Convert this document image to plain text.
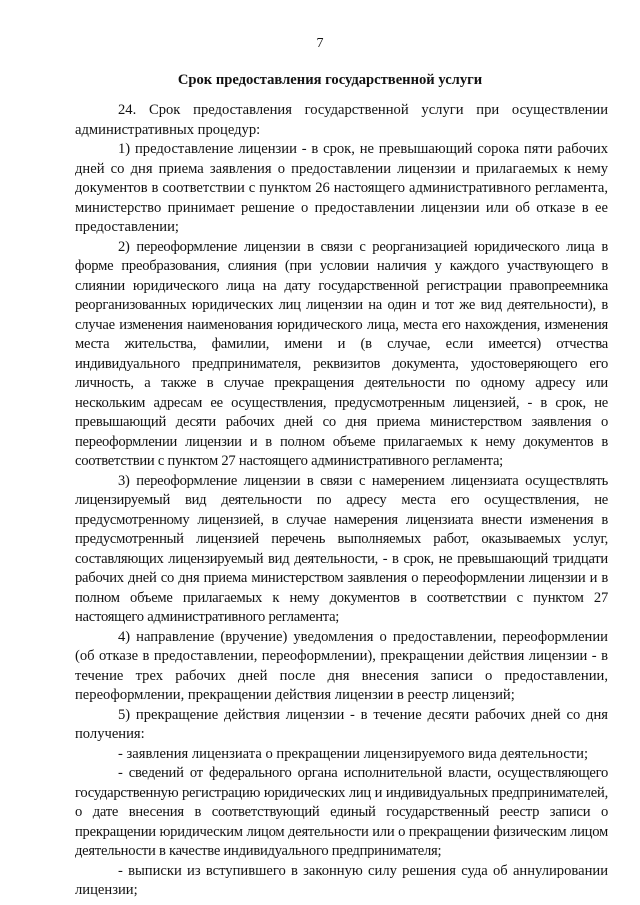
7
Срок предоставления государственной услуги

24. Срок предоставления государственной услуги при осуществлении административных процедур:

1) предоставление лицензии - в срок, не превышающий сорока пяти рабочих дней со дня приема заявления о предоставлении лицензии и прилагаемых к нему документов в соответствии с пунктом 26 настоящего административного регламента, министерство принимает решение о предоставлении лицензии или об отказе в ее предоставлении;

2) переоформление лицензии в связи с реорганизацией юридического лица в форме преобразования, слияния (при условии наличия у каждого участвующего в слиянии юридического лица на дату государственной регистрации правопреемника реорганизованных юридических лиц лицензии на один и тот же вид деятельности), в случае изменения наименования юридического лица, места его нахождения, изменения места жительства, фамилии, имени и (в случае, если имеется) отчества индивидуального предпринимателя, реквизитов документа, удостоверяющего его личность, а также в случае прекращения деятельности по одному адресу или нескольким адресам ее осуществления, предусмотренным лицензией, - в срок, не превышающий десяти рабочих дней со дня приема министерством заявления о переоформлении лицензии и в полном объеме прилагаемых к нему документов в соответствии с пунктом 27 настоящего административного регламента;

3) переоформление лицензии в связи с намерением лицензиата осуществлять лицензируемый вид деятельности по адресу места его осуществления, не предусмотренному лицензией, в случае намерения лицензиата внести изменения в предусмотренный лицензией перечень выполняемых работ, оказываемых услуг, составляющих лицензируемый вид деятельности, - в срок, не превышающий тридцати рабочих дней со дня приема министерством заявления о переоформлении лицензии и в полном объеме прилагаемых к нему документов в соответствии с пунктом 27 настоящего административного регламента;

4) направление (вручение) уведомления о предоставлении, переоформлении (об отказе в предоставлении, переоформлении), прекращении действия лицензии - в течение трех рабочих дней после дня внесения записи о предоставлении, переоформлении, прекращении действия лицензии в реестр лицензий;

5) прекращение действия лицензии - в течение десяти рабочих дней со дня получения:

- заявления лицензиата о прекращении лицензируемого вида деятельности;

- сведений от федерального органа исполнительной власти, осуществляющего государственную регистрацию юридических лиц и индивидуальных предпринимателей, о дате внесения в соответствующий единый государственный реестр записи о прекращении юридическим лицом деятельности или о прекращении физическим лицом деятельности в качестве индивидуального предпринимателя;

- выписки из вступившего в законную силу решения суда об аннулировании лицензии;
